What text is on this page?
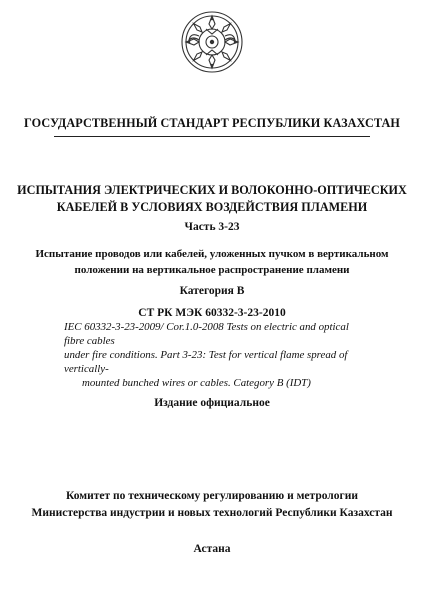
ГОСУДАРСТВЕННЫЙ СТАНДАРТ РЕСПУБЛИКИ КАЗАХСТАН
ИСПЫТАНИЯ ЭЛЕКТРИЧЕСКИХ И ВОЛОКОННО-ОПТИЧЕСКИХ
КАБЕЛЕЙ В УСЛОВИЯХ ВОЗДЕЙСТВИЯ ПЛАМЕНИ
Часть 3-23
Испытание проводов или кабелей, уложенных пучком в вертикальном
положении на вертикальное распространение пламени
Категория В
СТ РК МЭК 60332-3-23-2010
IEC 60332-3-23-2009/ Cor.1.0-2008 Tests on electric and optical fibre cables
under fire conditions. Part 3-23: Test for vertical flame spread of vertically-
mounted bunched wires or cables. Category B (IDT)
Издание официальное
Комитет по техническому регулированию и метрологии
Министерства индустрии и новых технологий Республики Казахстан
Астана
